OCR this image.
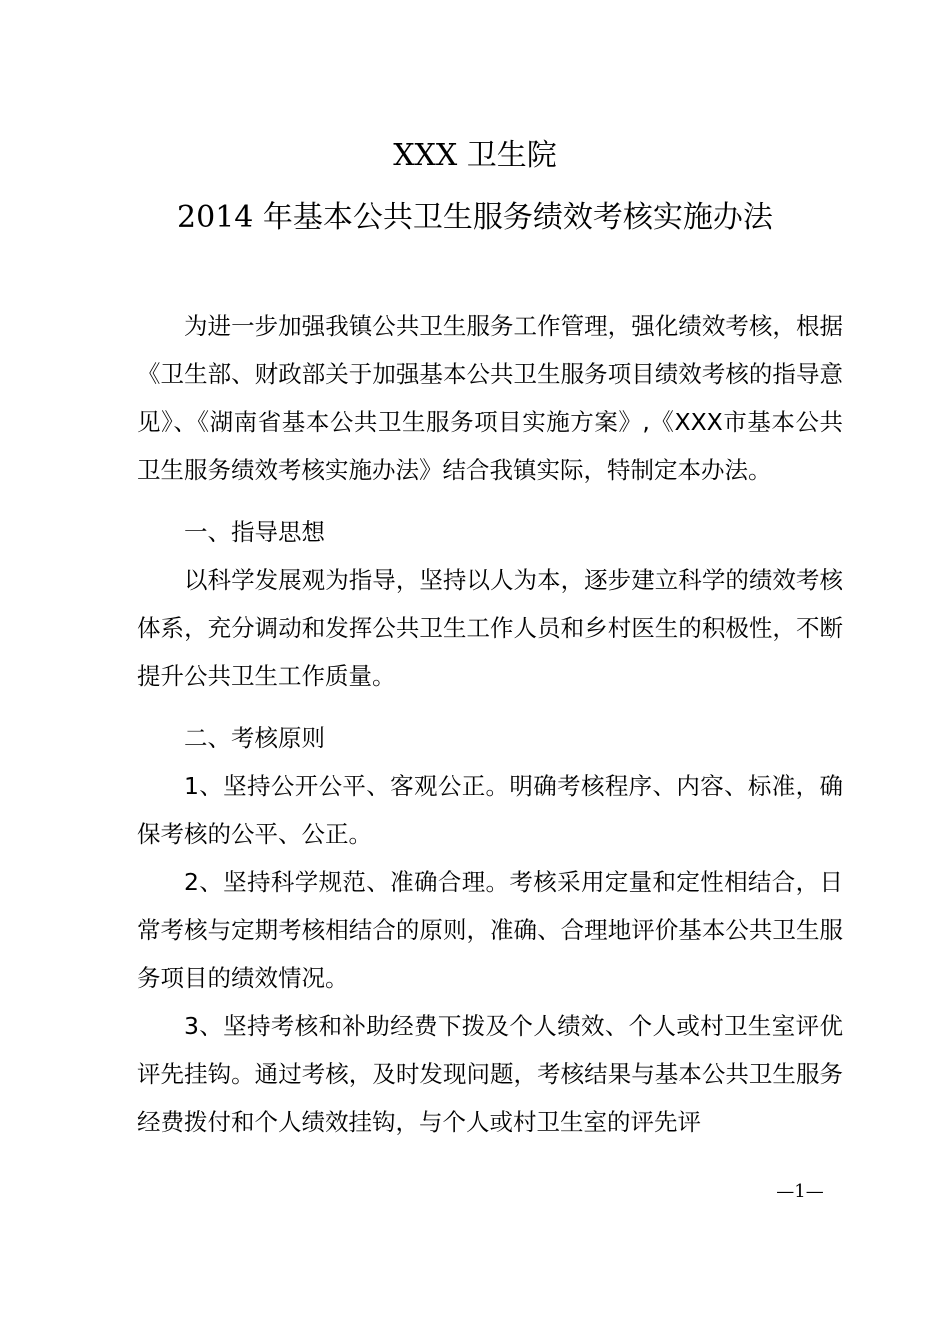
XXX 卫生院
2014 年基本公共卫生服务绩效考核实施办法

为进一步加强我镇公共卫生服务工作管理，强化绩效考核，根据《卫生部、财政部关于加强基本公共卫生服务项目绩效考核的指导意见》、《湖南省基本公共卫生服务项目实施方案》,《XXX市基本公共卫生服务绩效考核实施办法》结合我镇实际，特制定本办法。

一、指导思想

以科学发展观为指导，坚持以人为本，逐步建立科学的绩效考核体系，充分调动和发挥公共卫生工作人员和乡村医生的积极性，不断提升公共卫生工作质量。

二、考核原则

1、坚持公开公平、客观公正。明确考核程序、内容、标准，确保考核的公平、公正。

2、坚持科学规范、准确合理。考核采用定量和定性相结合，日常考核与定期考核相结合的原则，准确、合理地评价基本公共卫生服务项目的绩效情况。

3、坚持考核和补助经费下拨及个人绩效、个人或村卫生室评优评先挂钩。通过考核，及时发现问题，考核结果与基本公共卫生服务经费拨付和个人绩效挂钩，与个人或村卫生室的评先评

—1—
